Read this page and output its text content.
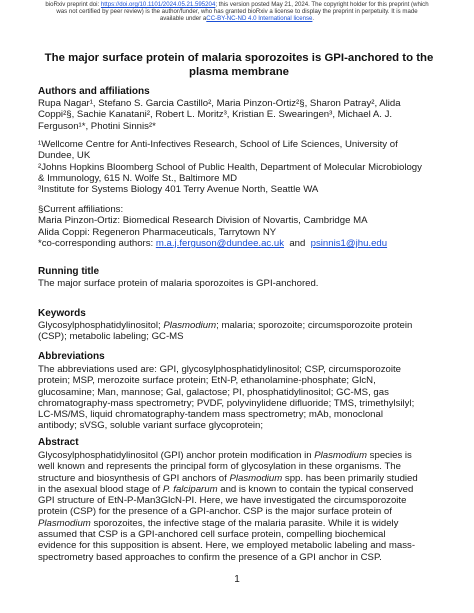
bioRxiv preprint doi: https://doi.org/10.1101/2024.05.21.595204; this version posted May 21, 2024. The copyright holder for this preprint (which
was not certified by peer review) is the author/funder, who has granted bioRxiv a license to display the preprint in perpetuity. It is made
available under aCC-BY-NC-ND 4.0 International license.
The major surface protein of malaria sporozoites is GPI-anchored to the
plasma membrane
Authors and affiliations
Rupa Nagar¹, Stefano S. Garcia Castillo², Maria Pinzon-Ortiz²§, Sharon Patray², Alida
Coppi²§, Sachie Kanatani², Robert L. Moritz³, Kristian E. Swearingen³, Michael A. J.
Ferguson¹*, Photini Sinnis²*
¹Wellcome Centre for Anti-Infectives Research, School of Life Sciences, University of
Dundee, UK
²Johns Hopkins Bloomberg School of Public Health, Department of Molecular Microbiology
& Immunology, 615 N. Wolfe St., Baltimore MD
³Institute for Systems Biology 401 Terry Avenue North, Seattle WA
§Current affiliations:
Maria Pinzon-Ortiz: Biomedical Research Division of Novartis, Cambridge MA
Alida Coppi: Regeneron Pharmaceuticals, Tarrytown NY
*co-corresponding authors: m.a.j.ferguson@dundee.ac.uk  and  psinnis1@jhu.edu
Running title
The major surface protein of malaria sporozoites is GPI-anchored.
Keywords
Glycosylphosphatidylinositol; Plasmodium; malaria; sporozoite; circumsporozoite protein
(CSP); metabolic labeling; GC-MS
Abbreviations
The abbreviations used are: GPI, glycosylphosphatidylinositol; CSP, circumsporozoite
protein; MSP, merozoite surface protein; EtN-P, ethanolamine-phosphate; GlcN,
glucosamine; Man, mannose; Gal, galactose; PI, phosphatidylinositol; GC-MS, gas
chromatography-mass spectrometry; PVDF, polyvinylidene difluoride; TMS, trimethylsilyl;
LC-MS/MS, liquid chromatography-tandem mass spectrometry; mAb, monoclonal
antibody; sVSG, soluble variant surface glycoprotein;
Abstract
Glycosylphosphatidylinositol (GPI) anchor protein modification in Plasmodium species is
well known and represents the principal form of glycosylation in these organisms. The
structure and biosynthesis of GPI anchors of Plasmodium spp. has been primarily studied
in the asexual blood stage of P. falciparum and is known to contain the typical conserved
GPI structure of EtN-P-Man3GlcN-PI. Here, we have investigated the circumsporozoite
protein (CSP) for the presence of a GPI-anchor. CSP is the major surface protein of
Plasmodium sporozoites, the infective stage of the malaria parasite. While it is widely
assumed that CSP is a GPI-anchored cell surface protein, compelling biochemical
evidence for this supposition is absent. Here, we employed metabolic labeling and mass-
spectrometry based approaches to confirm the presence of a GPI anchor in CSP.
1
